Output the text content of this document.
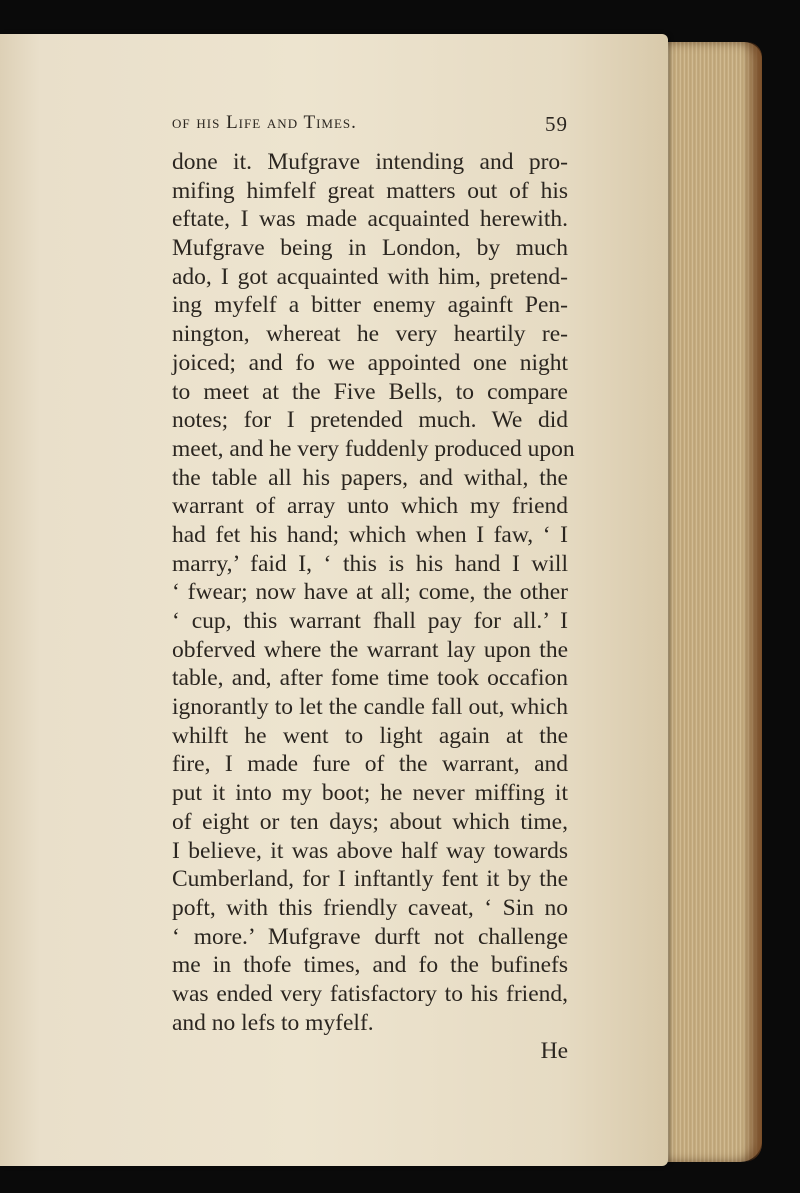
of his Life and Times.	59
done it. Mufgrave intending and pro-
mifing himfelf great matters out of his
eftate, I was made acquainted herewith.
Mufgrave being in London, by much
ado, I got acquainted with him, pretend-
ing myfelf a bitter enemy againft Pen-
nington, whereat he very heartily re-
joiced; and fo we appointed one night
to meet at the Five Bells, to compare
notes; for I pretended much. We did
meet, and he very fuddenly produced upon
the table all his papers, and withal, the
warrant of array unto which my friend
had fet his hand; which when I faw, ‘ I
marry,’ faid I, ‘ this is his hand I will
‘ fwear; now have at all; come, the other
‘ cup, this warrant fhall pay for all.’ I
obferved where the warrant lay upon the
table, and, after fome time took occafion
ignorantly to let the candle fall out, which
whilft he went to light again at the
fire, I made fure of the warrant, and
put it into my boot; he never miffing it
of eight or ten days; about which time,
I believe, it was above half way towards
Cumberland, for I inftantly fent it by the
poft, with this friendly caveat, ‘ Sin no
‘ more.’ Mufgrave durft not challenge
me in thofe times, and fo the bufinefs
was ended very fatisfactory to his friend,
and no lefs to myfelf.
He
